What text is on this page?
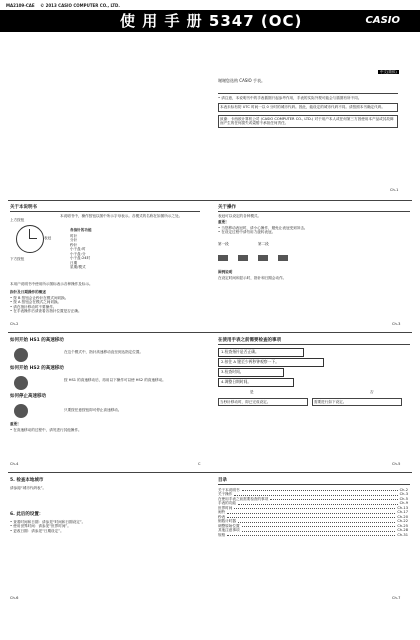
MA2109-CAE © 2013 CASIO COMPUTER CO., LTD.
使 用 手 册 5347 (OC)	CASIO
中文(简体)
谢谢您选购 CASIO 手表。
• 请注意，本说明书中的手表插图只起参考作用，手表的实际外观可能会与插图有所不同。
本表未标有防 UTC 时间一以 0 分时的城市代码。因此，能设定的城市代码不同。请按照本书确定代码。
致谢：卡西欧计算机公司 (CASIO COMPUTER CO., LTD.) 对于用户本人或任何第三方因使用本产品或其故障而产生的任何损失或索赔不承担任何责任。
Ch-1
关于本说明书
上方按钮
下方按钮
表冠
本说明书中，操作按钮以图中所示字母表示。各模式的名称在如图所示之处。
各指针的功能
时针
分针
秒针
小于盘:时
小于盘:分
小于盘:24时
日期
星期/模式
本用户说明书中使用所示图标表示各种操作及标示。
指针及日期操作的概述
• 按 B 按钮会让秒针在模式间切换。
• 按 A 按钮会在模式之间切换。
• 请在指针移动时不要操作。
• 在手表操作后请查看各指针位置是否正确。
Ch-2
关于操作
表冠可以设定的各种模式。
重要！
• 当您移动表冠时，请小心操作，避免让表冠受到冲击。
• 在设定过程中请勿用力旋转表冠。
第一段	第二段
图例说明
在设定时间和显示时，指针和日期会动作。
Ch-3
如何开始 HS1 的高速移动
在这个模式中，指针高速移动直至到达指定位置。
如何开始 HS2 的高速移动
按 HS1 的高速移动后，再用以下操作可以使 HS2 的高速移动。
如何停止高速移动
只要按任意按钮即可停止高速移动。
重要！
• 在高速移动的过程中，请勿进行其他操作。
Ch-4	C
在使用手表之前需要检查的事项
1.检查指针是否正确。
2.按住 A 键至少两秒钟观察一下。
3.检查时间。
4.调整日期时间。
是	否
当秒针移动时，即已完成设定。	需要进行如下设定。
Ch-5
5. 检查本地城市
请参阅“城市代码表”。
6. 此后的设置：
• 查看时间和日期：请参见“时间和日期设定”。
• 使用世界时间：请参见“世界时间”。
• 更改日期：请参见“日期设定”。
Ch-6
目录
关于本说明书	Ch-2
关于操作	Ch-3
在使用手表之前需要检查的事项	Ch-5
手表的功能	Ch-9
世界时间	Ch-13
闹铃	Ch-17
秒表	Ch-20
倒数计时器	Ch-22
调整原始位置	Ch-25
其他注意事项	Ch-28
规格	Ch-31
Ch-7
